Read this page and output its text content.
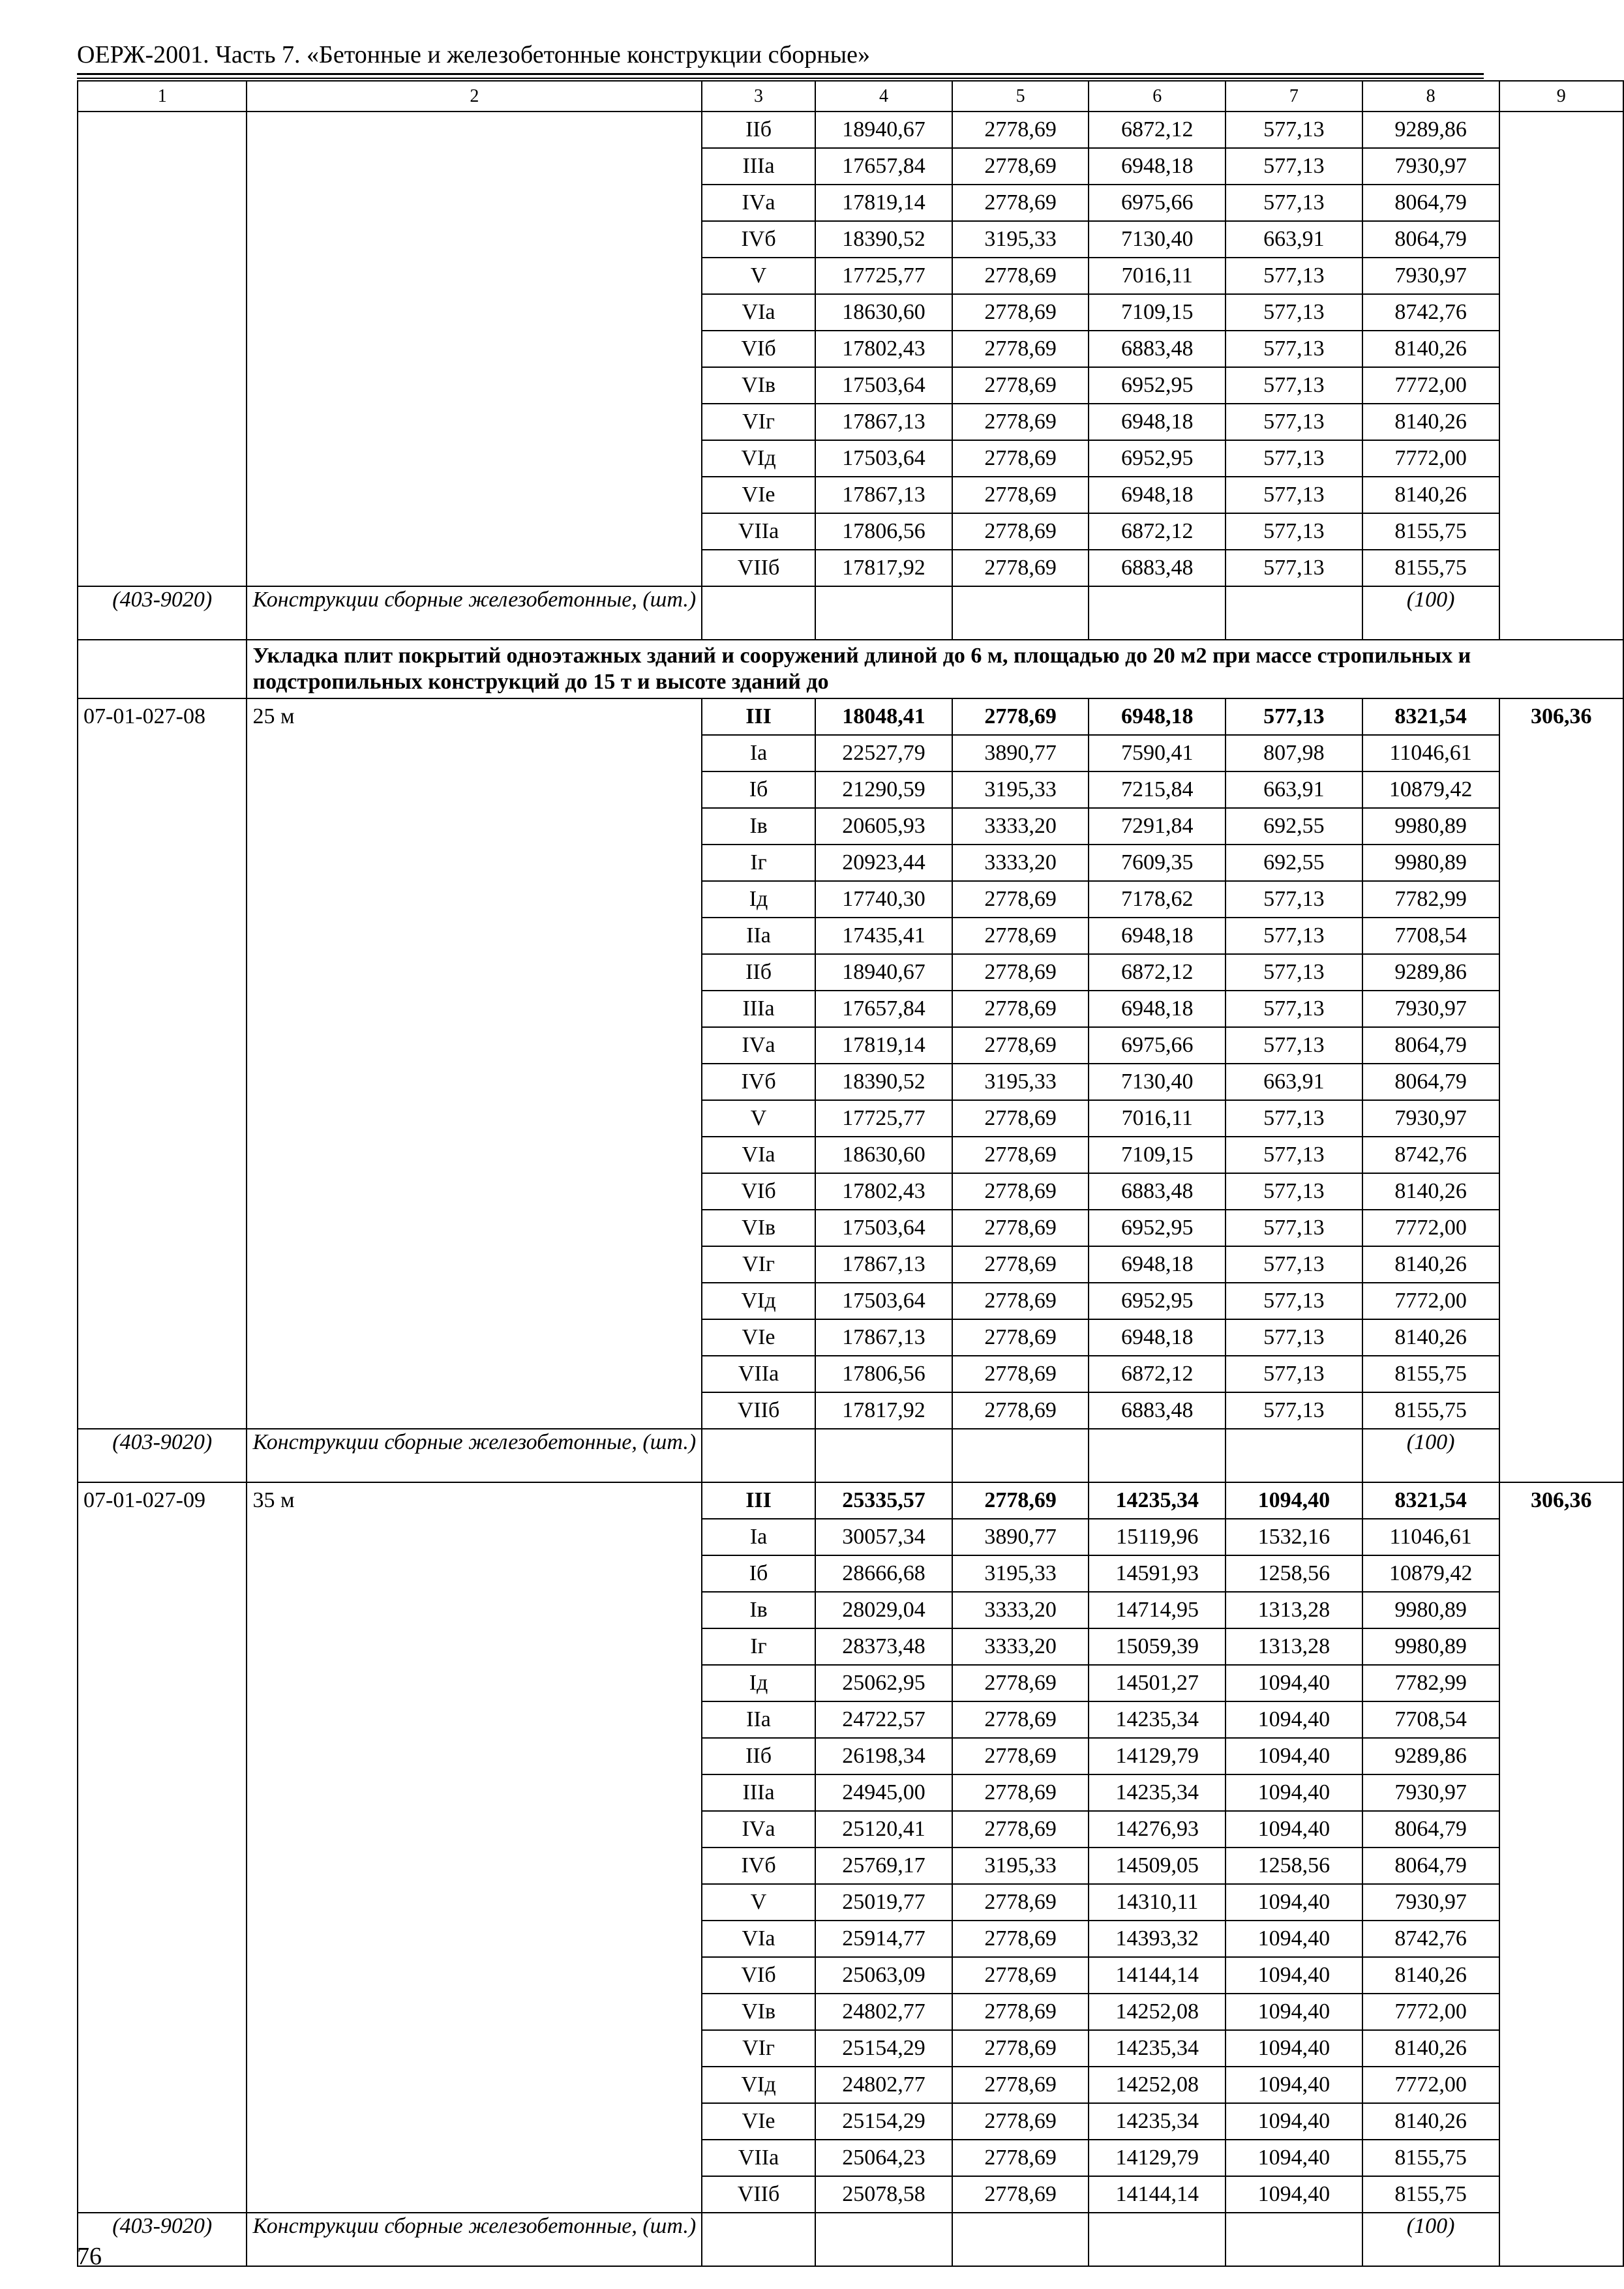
ОЕРЖ-2001. Часть 7. «Бетонные и железобетонные конструкции сборные»
1	2	3	4	5	6	7	8	9
		IIб	18940,67	2778,69	6872,12	577,13	9289,86	
		IIIа	17657,84	2778,69	6948,18	577,13	7930,97	
		IVа	17819,14	2778,69	6975,66	577,13	8064,79	
		IVб	18390,52	3195,33	7130,40	663,91	8064,79	
		V	17725,77	2778,69	7016,11	577,13	7930,97	
		VIа	18630,60	2778,69	7109,15	577,13	8742,76	
		VIб	17802,43	2778,69	6883,48	577,13	8140,26	
		VIв	17503,64	2778,69	6952,95	577,13	7772,00	
		VIг	17867,13	2778,69	6948,18	577,13	8140,26	
		VIд	17503,64	2778,69	6952,95	577,13	7772,00	
		VIе	17867,13	2778,69	6948,18	577,13	8140,26	
		VIIа	17806,56	2778,69	6872,12	577,13	8155,75	
		VIIб	17817,92	2778,69	6883,48	577,13	8155,75	
(403-9020)	Конструкции сборные железобетонные, (шт.)						(100)	
	Укладка плит покрытий одноэтажных зданий и сооружений длиной до 6 м, площадью до 20 м2 при массе стропильных и подстропильных конструкций до 15 т и высоте зданий до							
07-01-027-08	25 м	III	18048,41	2778,69	6948,18	577,13	8321,54	306,36
		Iа	22527,79	3890,77	7590,41	807,98	11046,61	
		Iб	21290,59	3195,33	7215,84	663,91	10879,42	
		Iв	20605,93	3333,20	7291,84	692,55	9980,89	
		Iг	20923,44	3333,20	7609,35	692,55	9980,89	
		Iд	17740,30	2778,69	7178,62	577,13	7782,99	
		IIа	17435,41	2778,69	6948,18	577,13	7708,54	
		IIб	18940,67	2778,69	6872,12	577,13	9289,86	
		IIIа	17657,84	2778,69	6948,18	577,13	7930,97	
		IVа	17819,14	2778,69	6975,66	577,13	8064,79	
		IVб	18390,52	3195,33	7130,40	663,91	8064,79	
		V	17725,77	2778,69	7016,11	577,13	7930,97	
		VIа	18630,60	2778,69	7109,15	577,13	8742,76	
		VIб	17802,43	2778,69	6883,48	577,13	8140,26	
		VIв	17503,64	2778,69	6952,95	577,13	7772,00	
		VIг	17867,13	2778,69	6948,18	577,13	8140,26	
		VIд	17503,64	2778,69	6952,95	577,13	7772,00	
		VIе	17867,13	2778,69	6948,18	577,13	8140,26	
		VIIа	17806,56	2778,69	6872,12	577,13	8155,75	
		VIIб	17817,92	2778,69	6883,48	577,13	8155,75	
(403-9020)	Конструкции сборные железобетонные, (шт.)						(100)	
07-01-027-09	35 м	III	25335,57	2778,69	14235,34	1094,40	8321,54	306,36
		Iа	30057,34	3890,77	15119,96	1532,16	11046,61	
		Iб	28666,68	3195,33	14591,93	1258,56	10879,42	
		Iв	28029,04	3333,20	14714,95	1313,28	9980,89	
		Iг	28373,48	3333,20	15059,39	1313,28	9980,89	
		Iд	25062,95	2778,69	14501,27	1094,40	7782,99	
		IIа	24722,57	2778,69	14235,34	1094,40	7708,54	
		IIб	26198,34	2778,69	14129,79	1094,40	9289,86	
		IIIа	24945,00	2778,69	14235,34	1094,40	7930,97	
		IVа	25120,41	2778,69	14276,93	1094,40	8064,79	
		IVб	25769,17	3195,33	14509,05	1258,56	8064,79	
		V	25019,77	2778,69	14310,11	1094,40	7930,97	
		VIа	25914,77	2778,69	14393,32	1094,40	8742,76	
		VIб	25063,09	2778,69	14144,14	1094,40	8140,26	
		VIв	24802,77	2778,69	14252,08	1094,40	7772,00	
		VIг	25154,29	2778,69	14235,34	1094,40	8140,26	
		VIд	24802,77	2778,69	14252,08	1094,40	7772,00	
		VIе	25154,29	2778,69	14235,34	1094,40	8140,26	
		VIIа	25064,23	2778,69	14129,79	1094,40	8155,75	
		VIIб	25078,58	2778,69	14144,14	1094,40	8155,75	
(403-9020)	Конструкции сборные железобетонные, (шт.)						(100)	
76
